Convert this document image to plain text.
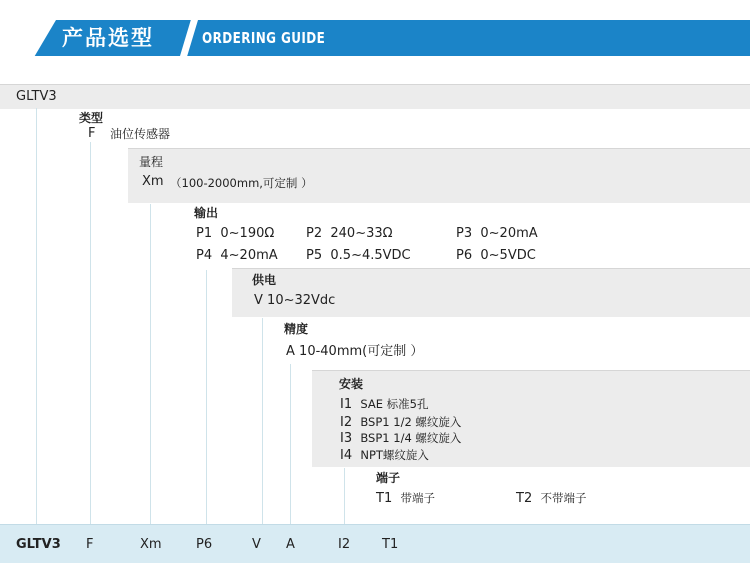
产品选型	ORDERING GUIDE
GLTV3
类型
F 油位传感器
量程
Xm （100-2000mm,可定制 ）
输出
P1 0~190Ω P2 240~33Ω	P3 0~20mA
P4 4~20mA P5 0.5~4.5VDC	P6 0~5VDC
供电
V 10~32Vdc
精度
A 10-40mm(可定制 ）
安装
I1 SAE 标准5孔
I2 BSP1 1/2 螺纹旋入
I3 BSP1 1/4 螺纹旋入
I4 NPT螺纹旋入
端子
T1 带端子	T2 不带端子
GLTV3 F	Xm	P6	V A	I2 T1
